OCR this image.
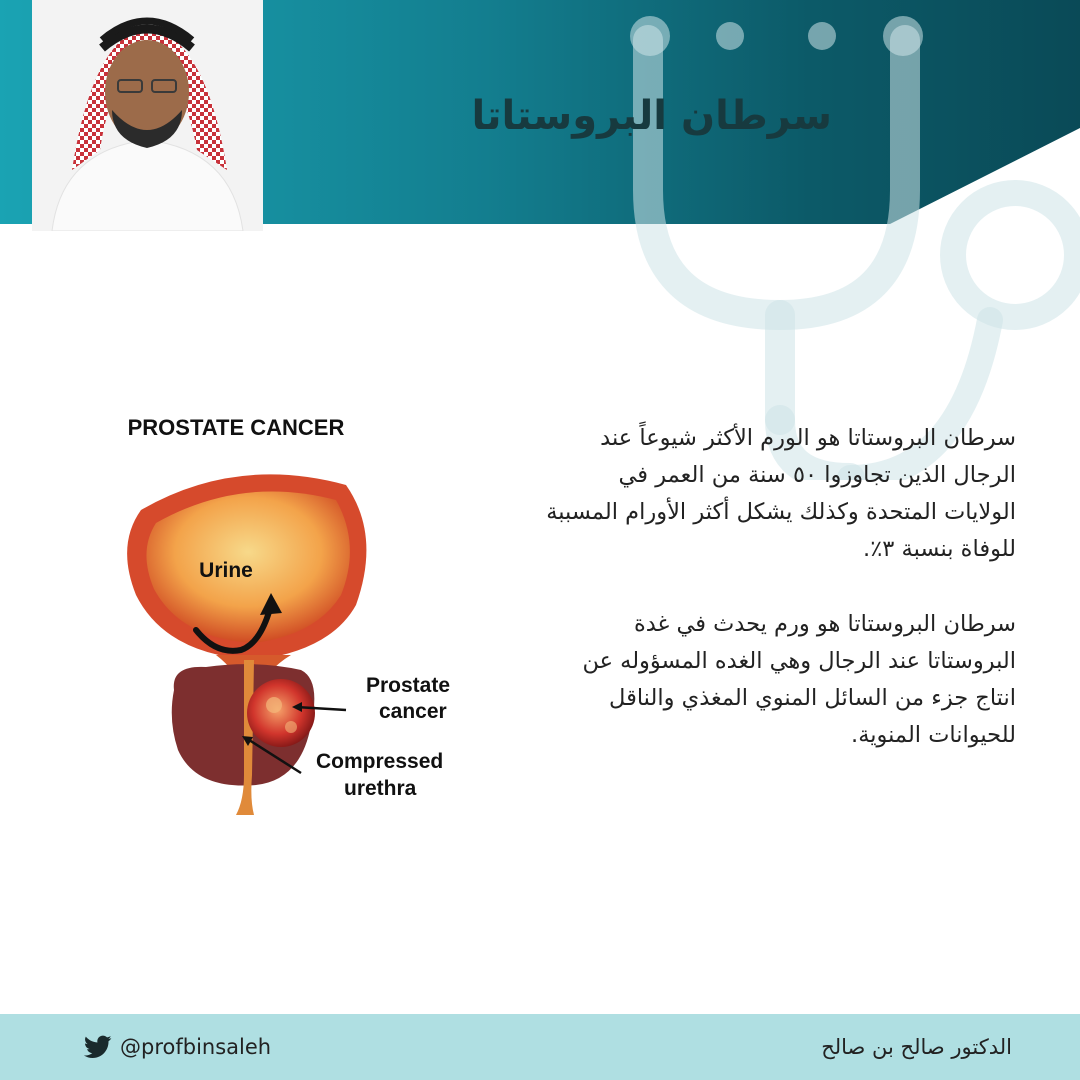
سرطان البروستاتا
PROSTATE CANCER
Urine
Prostate
cancer
Compressed
urethra

سرطان البروستاتا هو الورم الأكثر شيوعاً عند الرجال الذين تجاوزوا ٥٠ سنة من العمر في الولايات المتحدة وكذلك يشكل أكثر الأورام المسببة للوفاة بنسبة ٣٪.

سرطان البروستاتا هو ورم يحدث في غدة البروستاتا عند الرجال وهي الغده المسؤوله عن انتاج جزء من السائل المنوي المغذي والناقل للحيوانات المنوية.

@profbinsaleh	الدكتور صالح بن صالح
